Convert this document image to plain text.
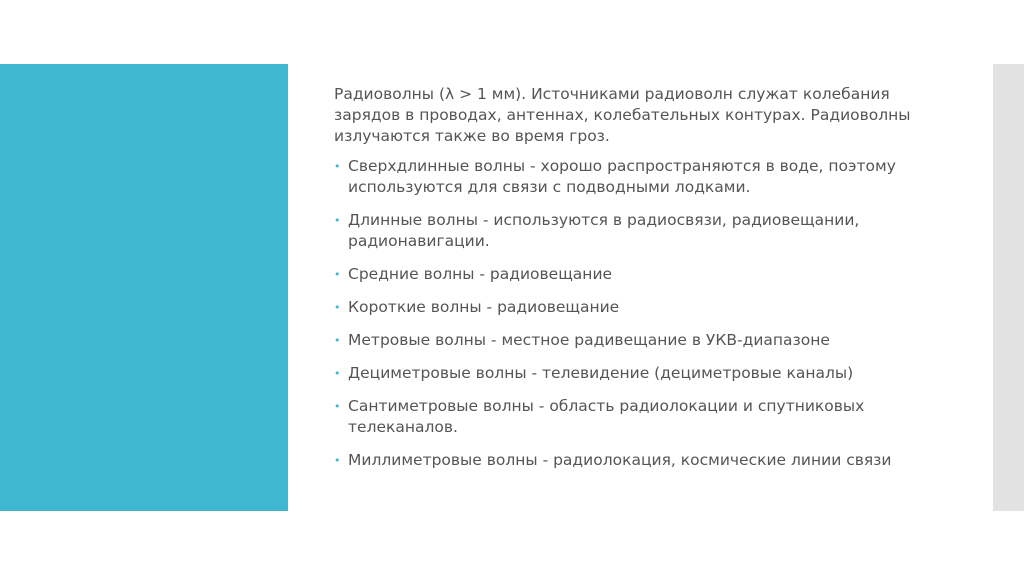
Радиоволны (λ > 1 мм). Источниками радиоволн служат колебания зарядов в проводах, антеннах, колебательных контурах. Радиоволны излучаются также во время гроз.

• Сверхдлинные волны - хорошо распространяются в воде, поэтому используются для связи с подводными лодками.
• Длинные волны - используются в радиосвязи, радиовещании, радионавигации.
• Средние волны - радиовещание
• Короткие волны - радиовещание
• Метровые волны - местное радивещание в УКВ-диапазоне
• Дециметровые волны - телевидение (дециметровые каналы)
• Сантиметровые волны - область радиолокации и спутниковых телеканалов.
• Миллиметровые волны - радиолокация, космические линии связи
